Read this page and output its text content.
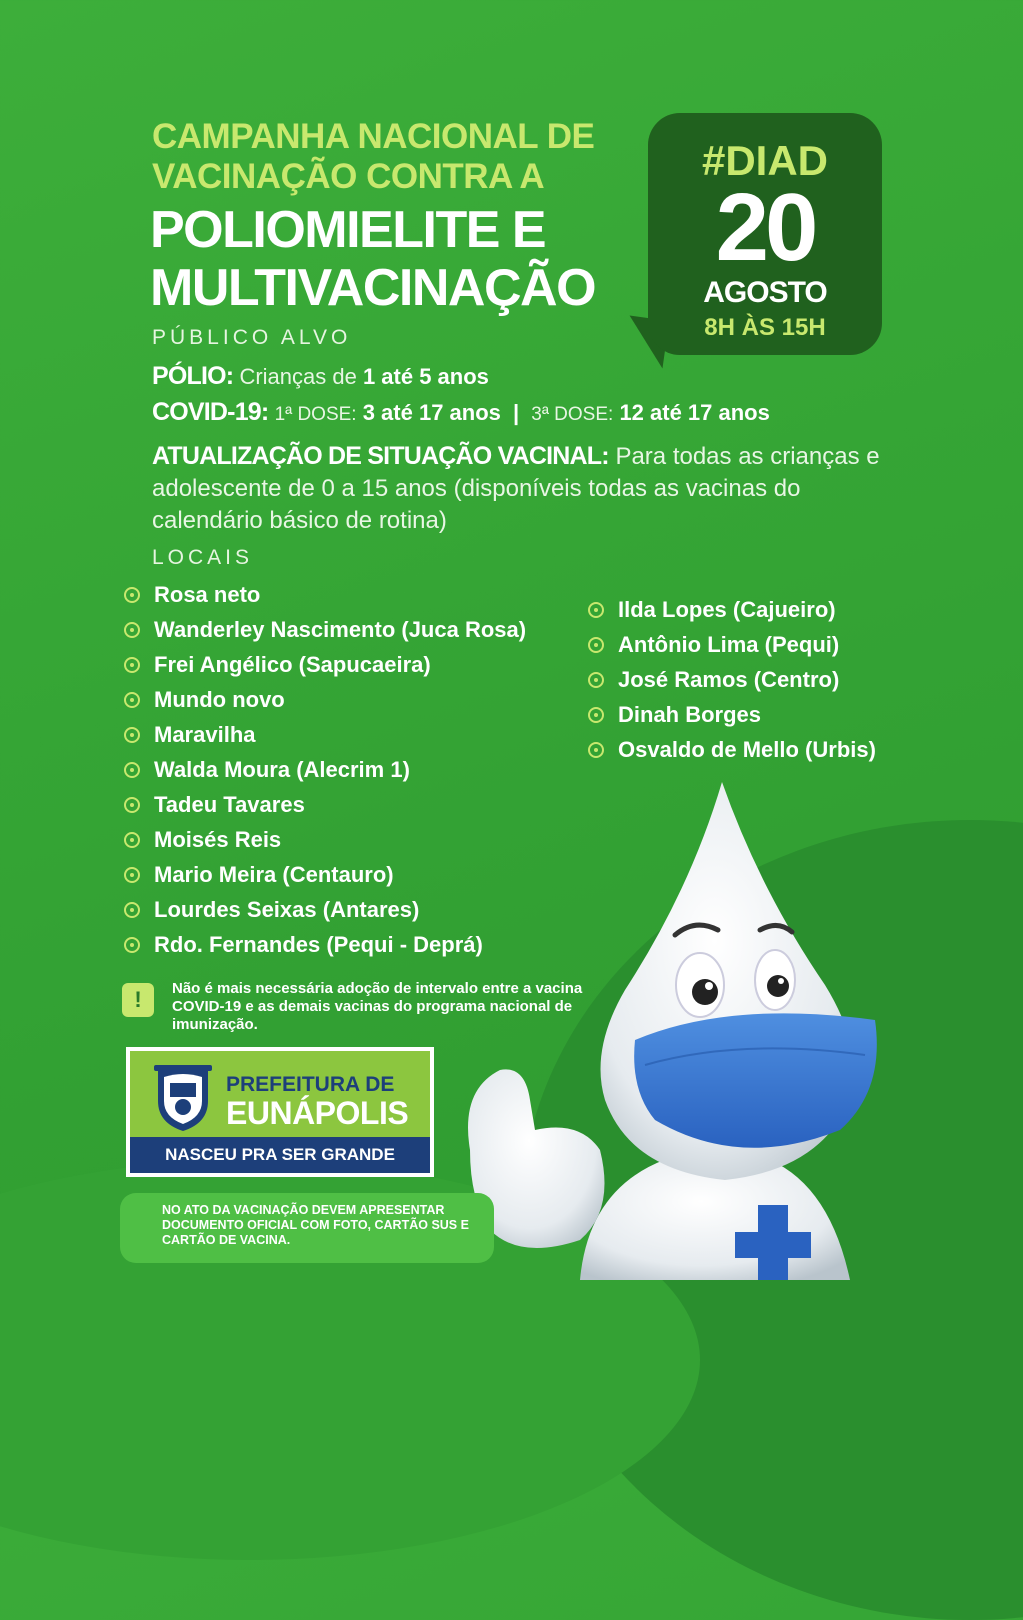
CAMPANHA NACIONAL DE

VACINAÇÃO CONTRA A

POLIOMIELITE E

MULTIVACINAÇÃO

#DIAD
20
AGOSTO
8H ÀS 15H

PÚBLICO ALVO

PÓLIO: Crianças de 1 até 5 anos

COVID-19: 1ª DOSE: 3 até 17 anos | 3ª DOSE: 12 até 17 anos

ATUALIZAÇÃO DE SITUAÇÃO VACINAL: Para todas as crianças e adolescente de 0 a 15 anos (disponíveis todas as vacinas do calendário básico de rotina)

LOCAIS

Rosa neto
Wanderley Nascimento (Juca Rosa)
Frei Angélico (Sapucaeira)
Mundo novo
Maravilha
Walda Moura (Alecrim 1)
Tadeu Tavares
Moisés Reis
Mario Meira (Centauro)
Lourdes Seixas (Antares)
Rdo. Fernandes (Pequi - Deprá)
Ilda Lopes (Cajueiro)
Antônio Lima (Pequi)
José Ramos (Centro)
Dinah Borges
Osvaldo de Mello (Urbis)
!	Não é mais necessária adoção de intervalo entre a vacina COVID-19 e as demais vacinas do programa nacional de imunização.

PREFEITURA DE
EUNÁPOLIS
NASCEU PRA SER GRANDE
NO ATO DA VACINAÇÃO DEVEM APRESENTAR DOCUMENTO OFICIAL COM FOTO, CARTÃO SUS E CARTÃO DE VACINA.
